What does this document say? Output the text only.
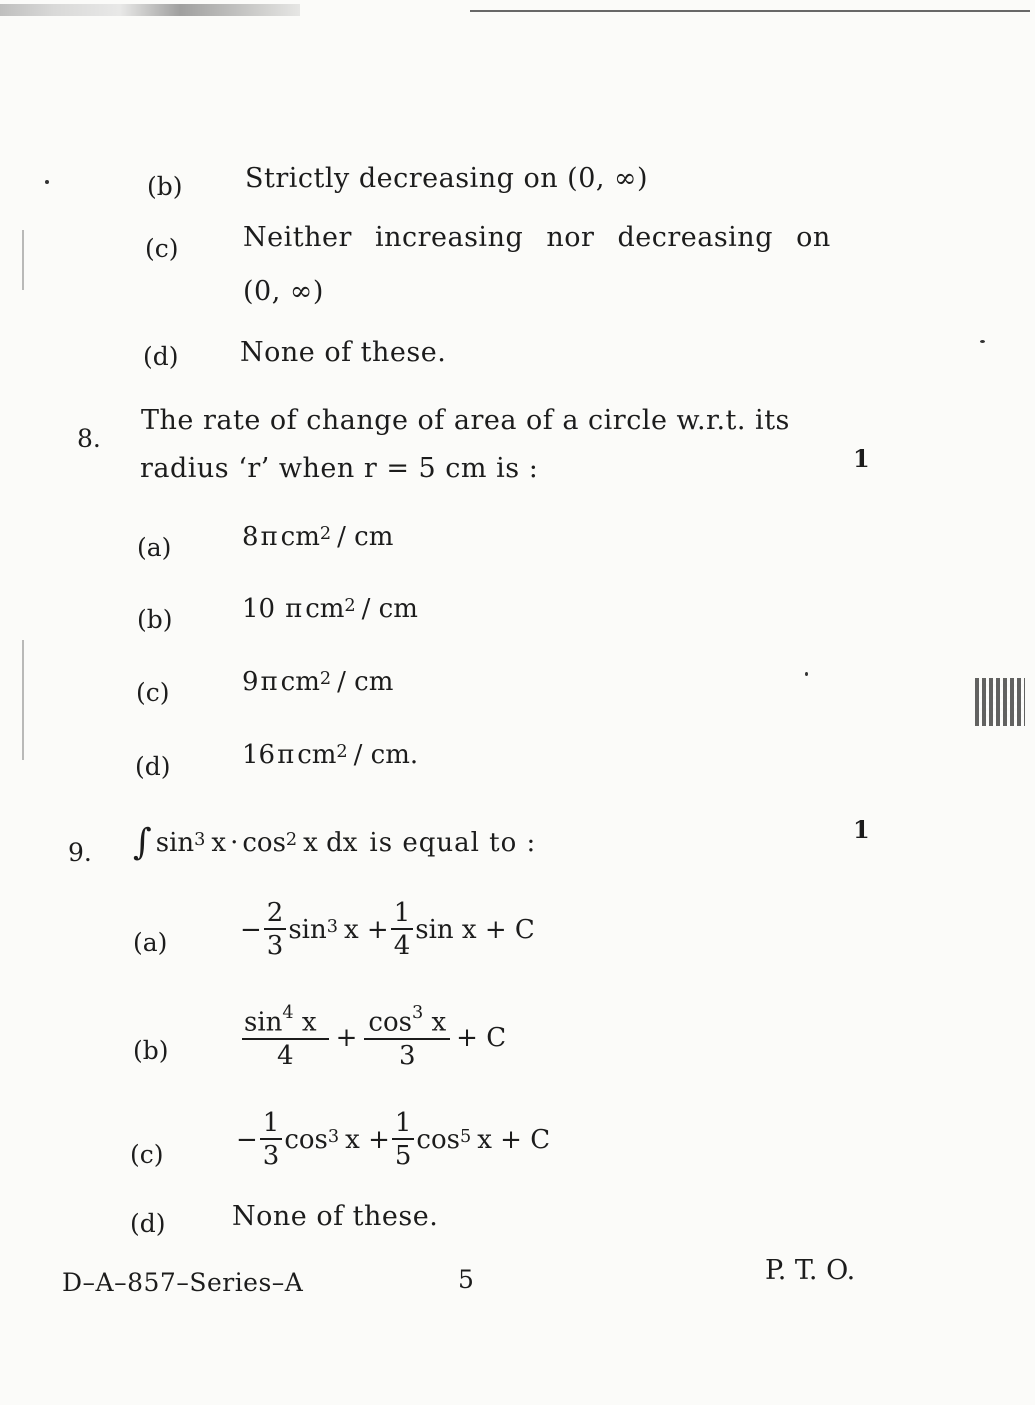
(b) Strictly decreasing on (0, ∞)
(c) Neither increasing nor decreasing on
(0, ∞)
(d) None of these.
8.
The rate of change of area of a circle w.r.t. its
radius ‘r’ when r = 5 cm is :	1
(a)	8 π $cm^2$ / cm
(b)	10 π $cm^2$ / cm
(c)	9 π $cm^2$ / cm
(d)	16 π $cm^2$ / cm.
9. ∫ $\sin^3 x \cdot \cos^2 x$ dx is equal to :	1
(a)	− $\frac{2}{3} \sin^3 x + \frac{1}{4}$ sin x + C
(b)	$\frac{\sin^4 x}{4} + \frac{\cos^3 x}{3} + C$
(c)	− $\frac{1}{3} \cos^3 x + \frac{1}{5} \cos^5 x + C$
(d) None of these.
D–A–857–Series–A	5	P. T. O.
